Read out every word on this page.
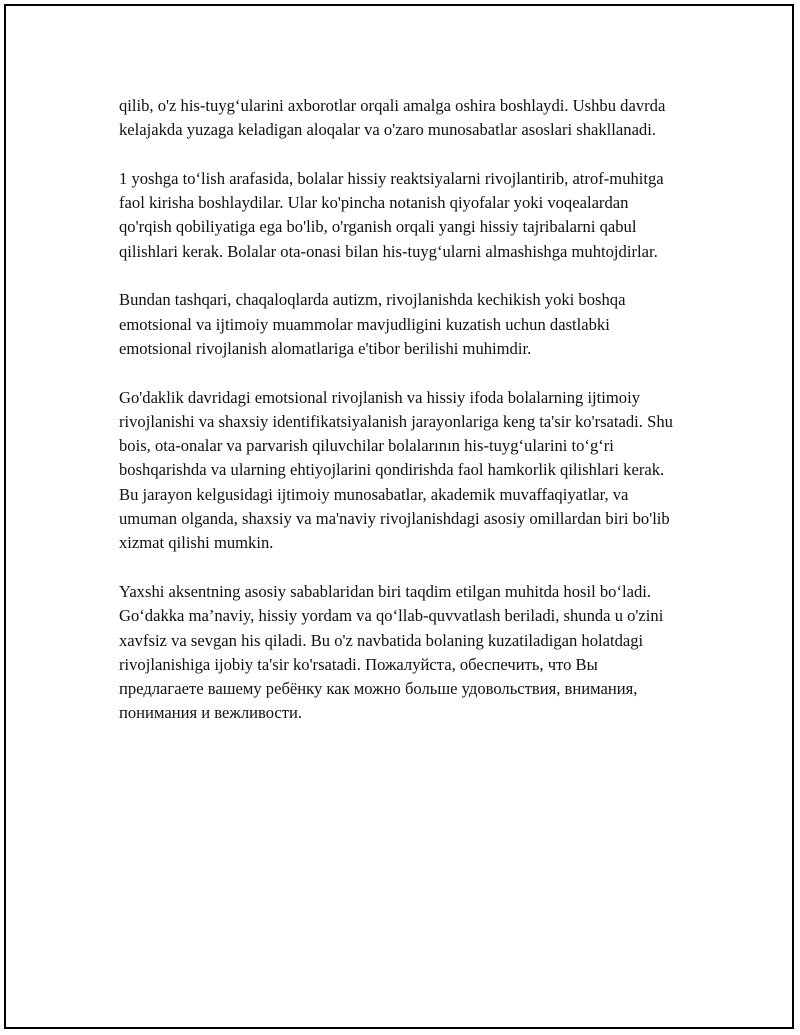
qilib, o'z his-tuyg‘ularini axborotlar orqali amalga oshira boshlaydi. Ushbu davrda kelajakda yuzaga keladigan aloqalar va o'zaro munosabatlar asoslari shakllanadi.

1 yoshga to‘lish arafasida, bolalar hissiy reaktsiyalarni rivojlantirib, atrof-muhitga faol kirisha boshlaydilar. Ular ko'pincha notanish qiyofalar yoki voqealardan qo'rqish qobiliyatiga ega bo'lib, o'rganish orqali yangi hissiy tajribalarni qabul qilishlari kerak. Bolalar ota-onasi bilan his-tuyg‘ularni almashishga muhtojdirlar.

Bundan tashqari, chaqaloqlarda autizm, rivojlanishda kechikish yoki boshqa emotsional va ijtimoiy muammolar mavjudligini kuzatish uchun dastlabki emotsional rivojlanish alomatlariga e'tibor berilishi muhimdir.

Go'daklik davridagi emotsional rivojlanish va hissiy ifoda bolalarning ijtimoiy rivojlanishi va shaxsiy identifikatsiyalanish jarayonlariga keng ta'sir ko'rsatadi. Shu bois, ota-onalar va parvarish qiluvchilar bolalarının his-tuyg‘ularini to‘g‘ri boshqarishda va ularning ehtiyojlarini qondirishda faol hamkorlik qilishlari kerak. Bu jarayon kelgusidagi ijtimoiy munosabatlar, akademik muvaffaqiyatlar, va umuman olganda, shaxsiy va ma'naviy rivojlanishdagi asosiy omillardan biri bo'lib xizmat qilishi mumkin.

Yaxshi aksentning asosiy sabablaridan biri taqdim etilgan muhitda hosil bo‘ladi. Go‘dakka ma’naviy, hissiy yordam va qo‘llab-quvvatlash beriladi, shunda u o'zini xavfsiz va sevgan his qiladi. Bu o'z navbatida bolaning kuzatiladigan holatdagi rivojlanishiga ijobiy ta'sir ko'rsatadi. Пожалуйста, обеспечить, что Вы предлагаете вашему ребёнку как можно больше удовольствия, внимания, понимания и вежливости.
